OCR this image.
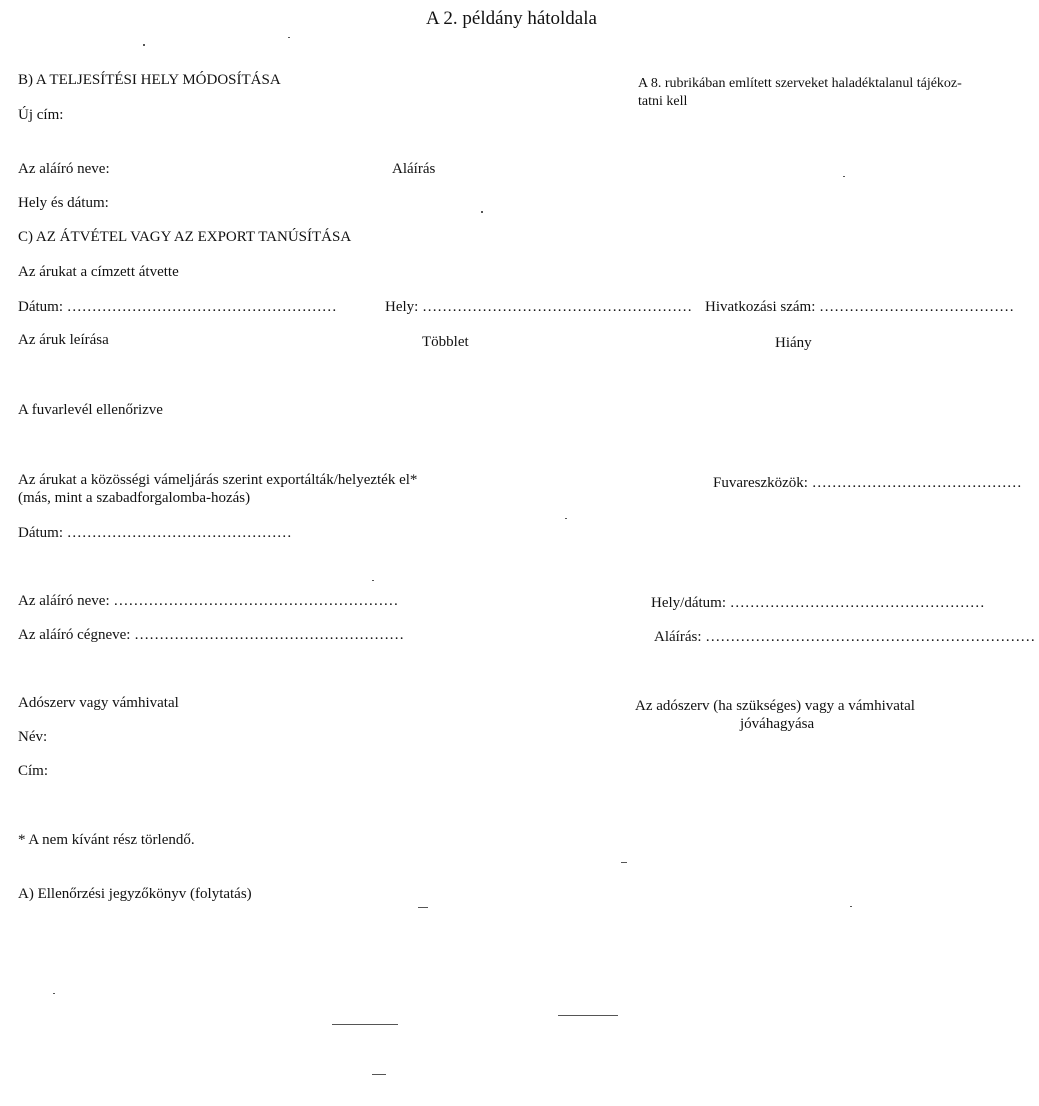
A 2. példány hátoldala
B) A TELJESÍTÉSI HELY MÓDOSÍTÁSA	A 8. rubrikában említett szerveket haladéktalanul tájékoz-
tatni kell
Új cím:
Az aláíró neve:	Aláírás
Hely és dátum:
C) AZ ÁTVÉTEL VAGY AZ EXPORT TANÚSÍTÁSA
Az árukat a címzett átvette
Dátum: ………………………………………………	Hely: ……………………………………………… Hivatkozási szám: …………………………………
Az áruk leírása	Többlet	Hiány
A fuvarlevél ellenőrizve
Az árukat a közösségi vámeljárás szerint exportálták/helyezték el*
(más, mint a szabadforgalomba-hozás)
Fuvareszközök: ……………………………………
Dátum: ………………………………………
Az aláíró neve: …………………………………………………	Hely/dátum: ……………………………………………
Az aláíró cégneve: ………………………………………………	Aláírás: …………………………………………………………
Adószerv vagy vámhivatal	Az adószerv (ha szükséges) vagy a vámhivatal
jóváhagyása
Név:
Cím:
* A nem kívánt rész törlendő.
A) Ellenőrzési jegyzőkönyv (folytatás)
